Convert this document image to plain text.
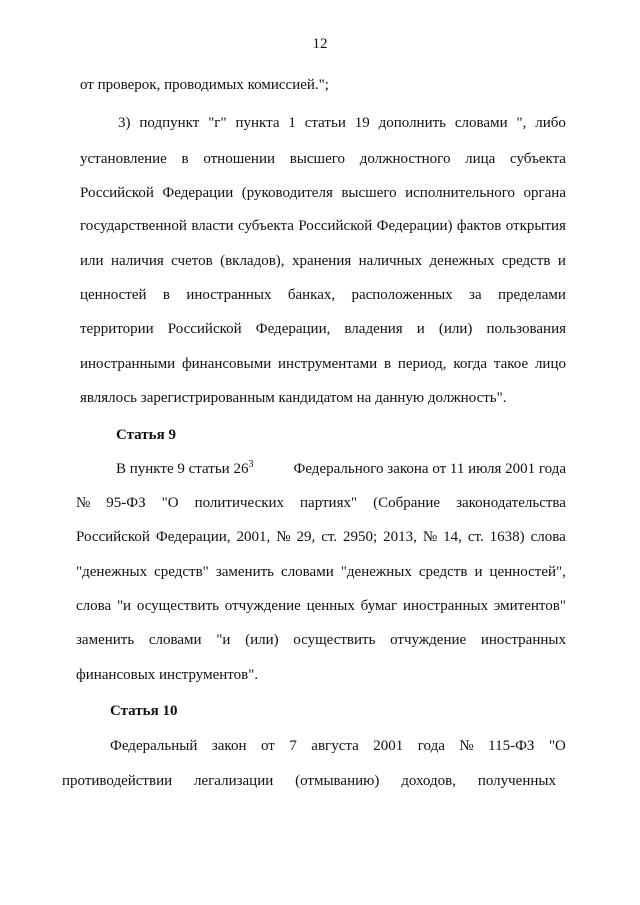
12
от проверок, проводимых комиссией.";
3) подпункт "г" пункта 1 статьи 19 дополнить словами ", либо
установление в отношении высшего должностного лица субъекта
Российской Федерации (руководителя высшего исполнительного органа
государственной власти субъекта Российской Федерации) фактов открытия
или наличия счетов (вкладов), хранения наличных денежных средств и
ценностей в иностранных банках, расположенных за пределами
территории Российской Федерации, владения и (или) пользования
иностранными финансовыми инструментами в период, когда такое лицо
являлось зарегистрированным кандидатом на данную должность".
Статья 9
В пункте 9 статьи $26^3$ Федерального закона от 11 июля 2001 года
№ 95-ФЗ "О политических партиях" (Собрание законодательства
Российской Федерации, 2001, № 29, ст. 2950; 2013, № 14, ст. 1638) слова
"денежных средств" заменить словами "денежных средств и ценностей",
слова "и осуществить отчуждение ценных бумаг иностранных эмитентов"
заменить словами "и (или) осуществить отчуждение иностранных
финансовых инструментов".
Статья 10
Федеральный закон от 7 августа 2001 года № 115-ФЗ "О
противодействии легализации (отмыванию) доходов, полученных
